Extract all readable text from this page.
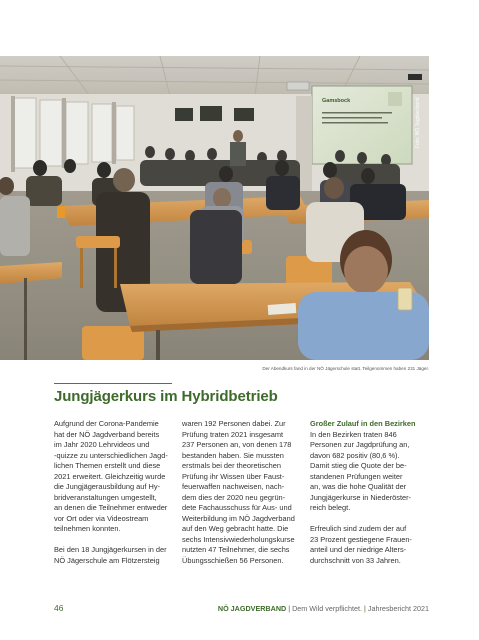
Gamsbock	Foto: NÖ Jagdverband
Der Abendkurs fand in der NÖ Jägerschule statt. Teilgenommen haben 231 Jäger.
Jungjägerkurs im Hybridbetrieb

Aufgrund der Corona-Pandemie
hat der NÖ Jagdverband bereits
im Jahr 2020 Lehrvideos und
-quizze zu unterschiedlichen Jagd-
lichen Themen erstellt und diese
2021 erweitert. Gleichzeitig wurde
die Jungjägerausbildung auf Hy-
bridveranstaltungen umgestellt,
an denen die Teilnehmer entweder
vor Ort oder via Videostream
teilnehmen konnten.

Bei den 18 Jungjägerkursen in der
NÖ Jägerschule am Flötzersteig

waren 192 Personen dabei. Zur
Prüfung traten 2021 insgesamt
237 Personen an, von denen 178
bestanden haben. Sie mussten
erstmals bei der theoretischen
Prüfung ihr Wissen über Faust-
feuerwaffen nachweisen, nach-
dem dies der 2020 neu gegrün-
dete Fachausschuss für Aus- und
Weiterbildung im NÖ Jagdverband
auf den Weg gebracht hatte. Die
sechs Intensivwiederholungskurse
nutzten 47 Teilnehmer, die sechs
Übungsschießen 56 Personen.

Großer Zulauf in den Bezirken
In den Bezirken traten 846
Personen zur Jagdprüfung an,
davon 682 positiv (80,6 %).
Damit stieg die Quote der be-
standenen Prüfungen weiter
an, was die hohe Qualität der
Jungjägerkurse in Niederöster-
reich belegt.

Erfreulich sind zudem der auf
23 Prozent gestiegene Frauen-
anteil und der niedrige Alters-
durchschnitt von 33 Jahren.

46	NÖ JAGDVERBAND | Dem Wild verpflichtet. | Jahresbericht 2021
